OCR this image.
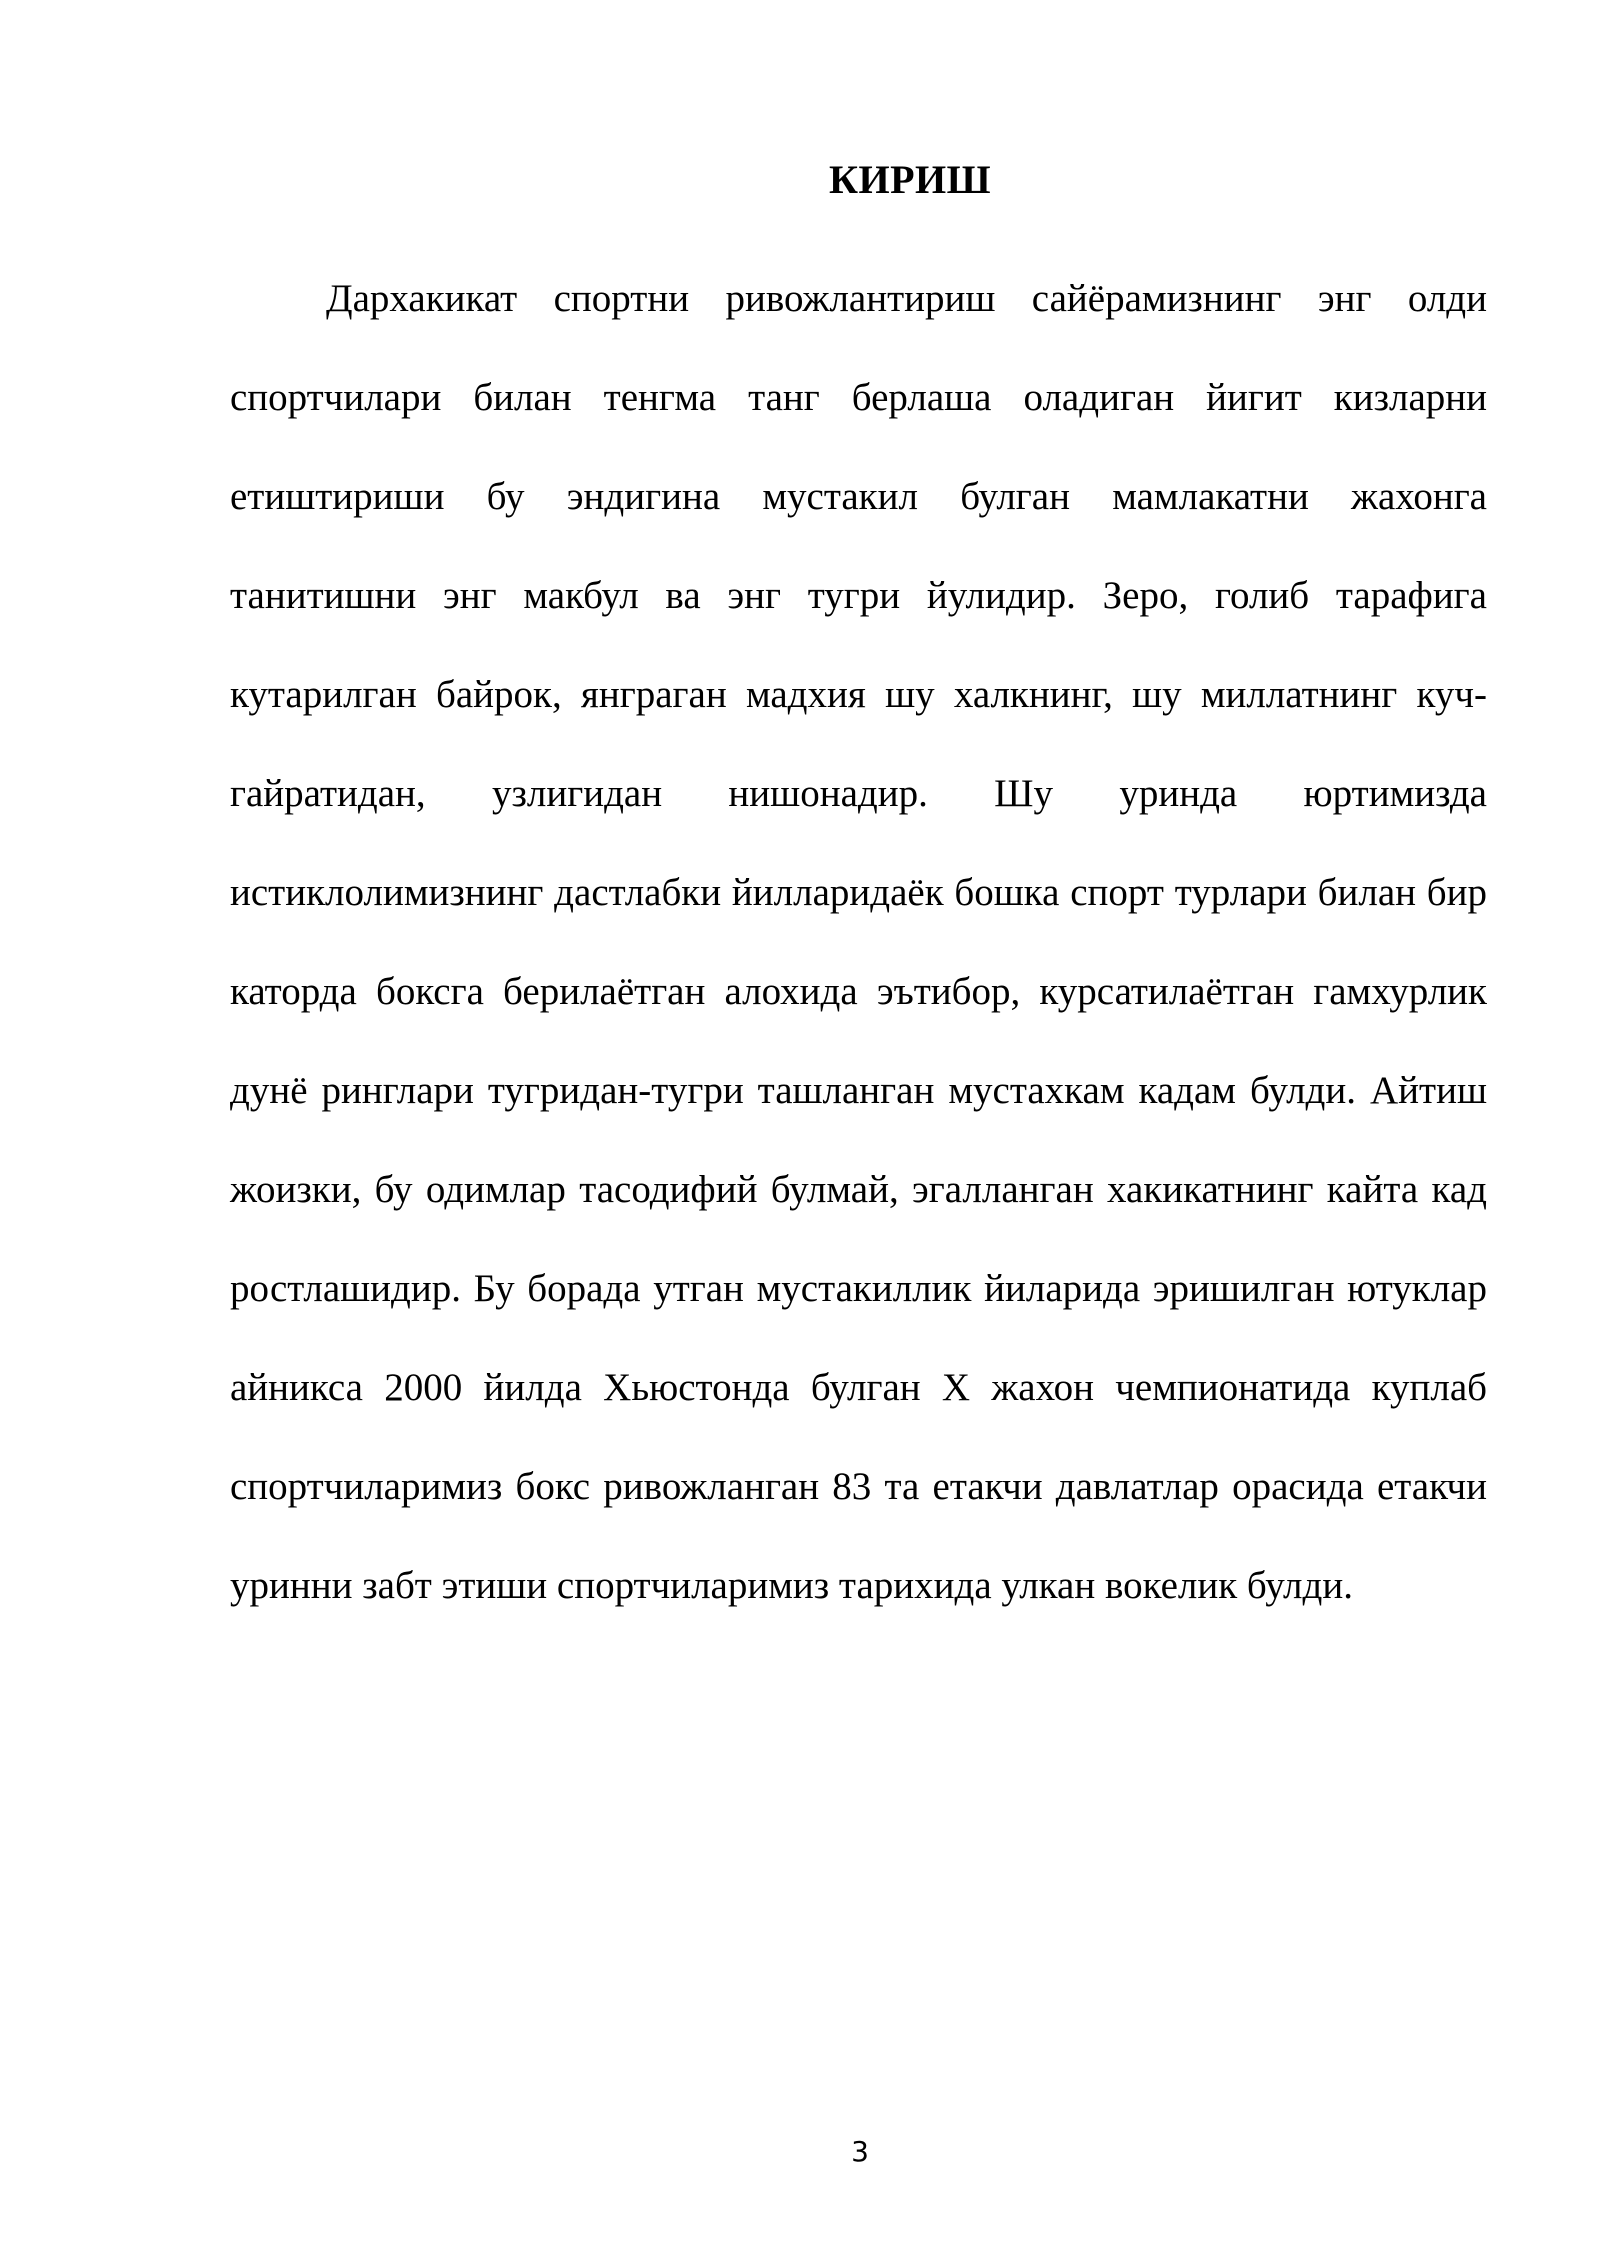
КИРИШ

Дархакикат спортни ривожлантириш сайёрамизнинг энг олди спортчилари билан тенгма танг берлаша оладиган йигит кизларни етиштириши бу эндигина мустакил булган мамлакатни жахонга танитишни энг макбул ва энг тугри йулидир. Зеро, голиб тарафига кутарилган байрок, янграган мадхия шу халкнинг, шу миллатнинг куч-гайратидан, узлигидан нишонадир. Шу уринда юртимизда истиклолимизнинг дастлабки йилларидаёк бошка спорт турлари билан бир каторда боксга берилаётган алохида эътибор, курсатилаётган гамхурлик дунё ринглари тугридан-тугри ташланган мустахкам кадам булди. Айтиш жоизки, бу одимлар тасодифий булмай, эгалланган хакикатнинг кайта кад ростлашидир. Бу борада утган мустакиллик йиларида эришилган ютуклар айникса 2000 йилда Хьюстонда булган X жахон чемпионатида куплаб спортчиларимиз бокс ривожланган 83 та етакчи давлатлар орасида етакчи уринни забт этиши спортчиларимиз тарихида улкан вокелик булди.

3
